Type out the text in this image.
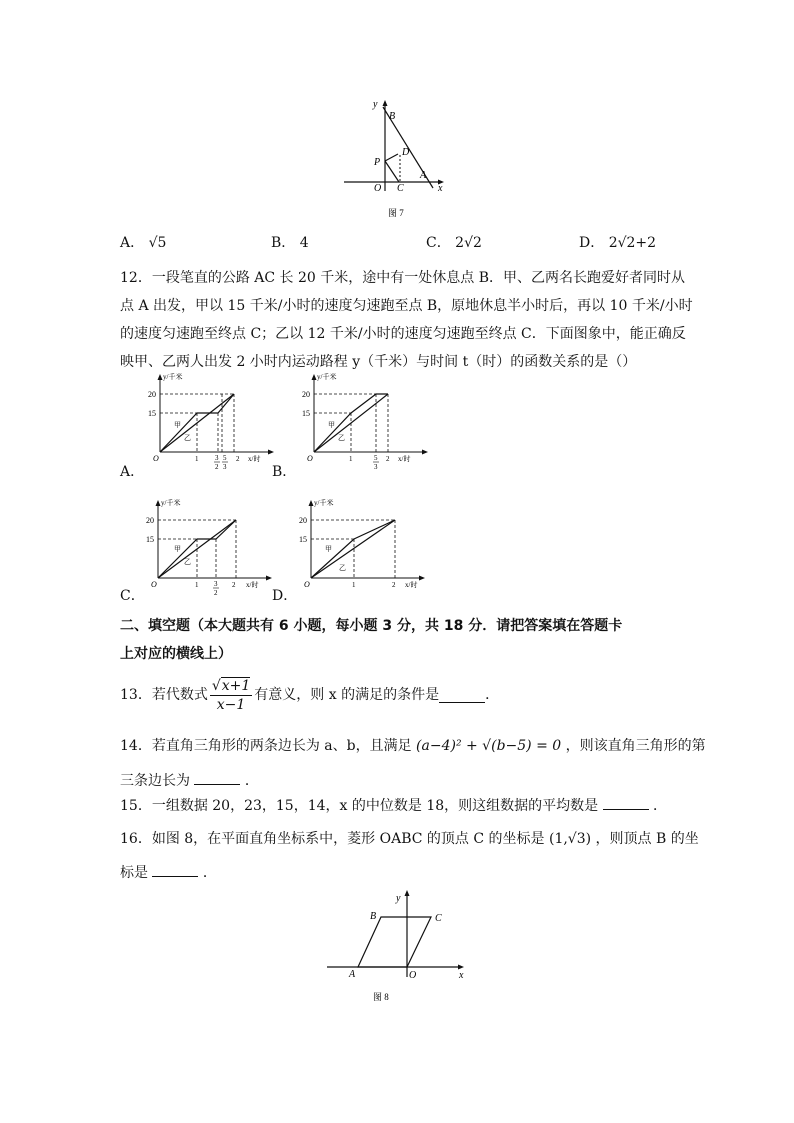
y
B
P
D
O C
A
x
图 7
A． √5	B． 4	C． 2√2	D． 2√2+2

12．一段笔直的公路 AC 长 20 千米，途中有一处休息点 B．甲、乙两名长跑爱好者同时从

点 A 出发，甲以 15 千米/小时的速度匀速跑至点 B，原地休息半小时后，再以 10 千米/小时

的速度匀速跑至终点 C；乙以 12 千米/小时的速度匀速跑至终点 C．下面图象中，能正确反

映甲、乙两人出发 2 小时内运动路程 y（千米）与时间 t（时）的函数关系的是（）

y/千米
20
15
甲
乙
O	1 3
2
5
3
2 x/时
A．
y/千米
20
15
甲
乙
O	1	5
3
2 x/时
B．
y/千米
20
15
甲
乙
O	1 3
2
2 x/时
C．
y/千米
20
15
甲
乙
O	1	2 x/时
D．
二、填空题（本大题共有 6 小题，每小题 3 分，共 18 分．请把答案填在答题卡
上对应的横线上）
13．若代数式 $\frac{√x+1}{x-1}$ 有意义，则 x 的满足的条件是	．
14．若直角三角形的两条边长为 a、b，且满足 (a−4)² + √(b−5) = 0 ，则该直角三角形的第
三条边长为	．
15．一组数据 20，23，15，14，x 的中位数是 18，则这组数据的平均数是	．
16．如图 8，在平面直角坐标系中，菱形 OABC 的顶点 C 的坐标是 (1,√3) ，则顶点 B 的坐
标是	．
y
B	C
A	O	x
图 8
